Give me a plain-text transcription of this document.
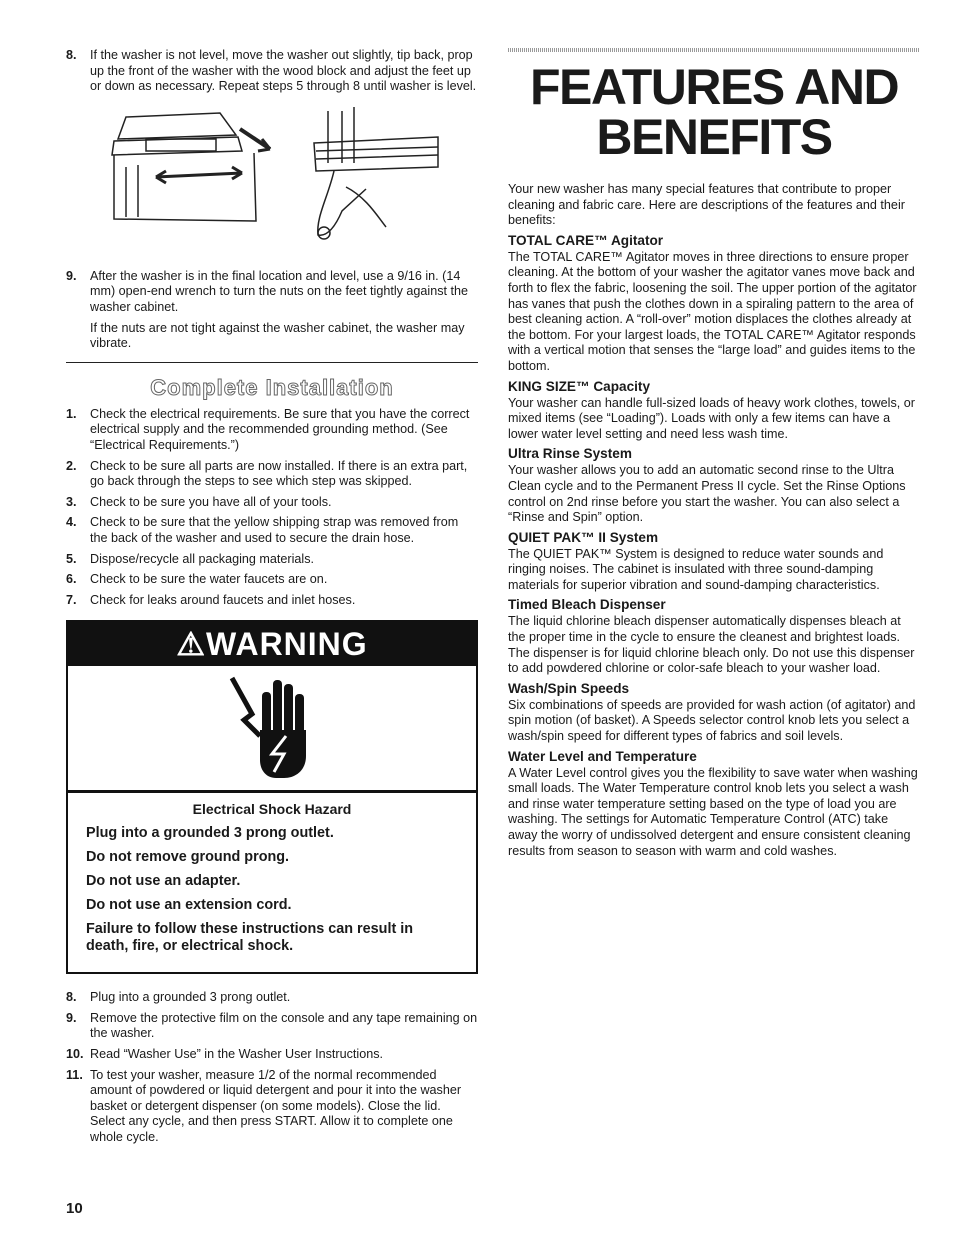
8.	If the washer is not level, move the washer out slightly, tip back, prop up the front of the washer with the wood block and adjust the feet up or down as necessary. Repeat steps 5 through 8 until washer is level.
9.	After the washer is in the final location and level, use a 9/16 in. (14 mm) open-end wrench to turn the nuts on the feet tightly against the washer cabinet.
If the nuts are not tight against the washer cabinet, the washer may vibrate.
Complete Installation
1.	Check the electrical requirements. Be sure that you have the correct electrical supply and the recommended grounding method. (See “Electrical Requirements.”)
2.	Check to be sure all parts are now installed. If there is an extra part, go back through the steps to see which step was skipped.
3.	Check to be sure you have all of your tools.
4.	Check to be sure that the yellow shipping strap was removed from the back of the washer and used to secure the drain hose.
5.	Dispose/recycle all packaging materials.
6.	Check to be sure the water faucets are on.
7.	Check for leaks around faucets and inlet hoses.
⚠WARNING
Electrical Shock Hazard
Plug into a grounded 3 prong outlet.
Do not remove ground prong.
Do not use an adapter.
Do not use an extension cord.
Failure to follow these instructions can result in death, fire, or electrical shock.
8.	Plug into a grounded 3 prong outlet.
9.	Remove the protective film on the console and any tape remaining on the washer.
10. Read “Washer Use” in the Washer User Instructions.
11. To test your washer, measure 1/2 of the normal recommended amount of powdered or liquid detergent and pour it into the washer basket or detergent dispenser (on some models). Close the lid. Select any cycle, and then press START. Allow it to complete one whole cycle.
FEATURES AND
BENEFITS

Your new washer has many special features that contribute to proper cleaning and fabric care. Here are descriptions of the features and their benefits:

TOTAL CARE™ Agitator

The TOTAL CARE™ Agitator moves in three directions to ensure proper cleaning. At the bottom of your washer the agitator vanes move back and forth to flex the fabric, loosening the soil. The upper portion of the agitator has vanes that push the clothes down in a spiraling pattern to the area of best cleaning action. A “roll-over” motion displaces the clothes already at the bottom. For your largest loads, the TOTAL CARE™ Agitator responds with a vertical motion that senses the “large load” and guides items to the bottom.

KING SIZE™ Capacity

Your washer can handle full-sized loads of heavy work clothes, towels, or mixed items (see “Loading”). Loads with only a few items can have a lower water level setting and need less wash time.

Ultra Rinse System

Your washer allows you to add an automatic second rinse to the Ultra Clean cycle and to the Permanent Press II cycle. Set the Rinse Options control on 2nd rinse before you start the washer. You can also select a “Rinse and Spin” option.

QUIET PAK™ II System

The QUIET PAK™ System is designed to reduce water sounds and ringing noises. The cabinet is insulated with three sound-damping materials for superior vibration and sound-damping characteristics.

Timed Bleach Dispenser

The liquid chlorine bleach dispenser automatically dispenses bleach at the proper time in the cycle to ensure the cleanest and brightest loads. The dispenser is for liquid chlorine bleach only. Do not use this dispenser to add powdered chlorine or color-safe bleach to your washer load.

Wash/Spin Speeds

Six combinations of speeds are provided for wash action (of agitator) and spin motion (of basket). A Speeds selector control knob lets you select a wash/spin speed for different types of fabrics and soil levels.

Water Level and Temperature

A Water Level control gives you the flexibility to save water when washing small loads. The Water Temperature control knob lets you select a wash and rinse water temperature setting based on the type of load you are washing. The settings for Automatic Temperature Control (ATC) take away the worry of undissolved detergent and ensure consistent cleaning results from season to season with warm and cold washes.

10
